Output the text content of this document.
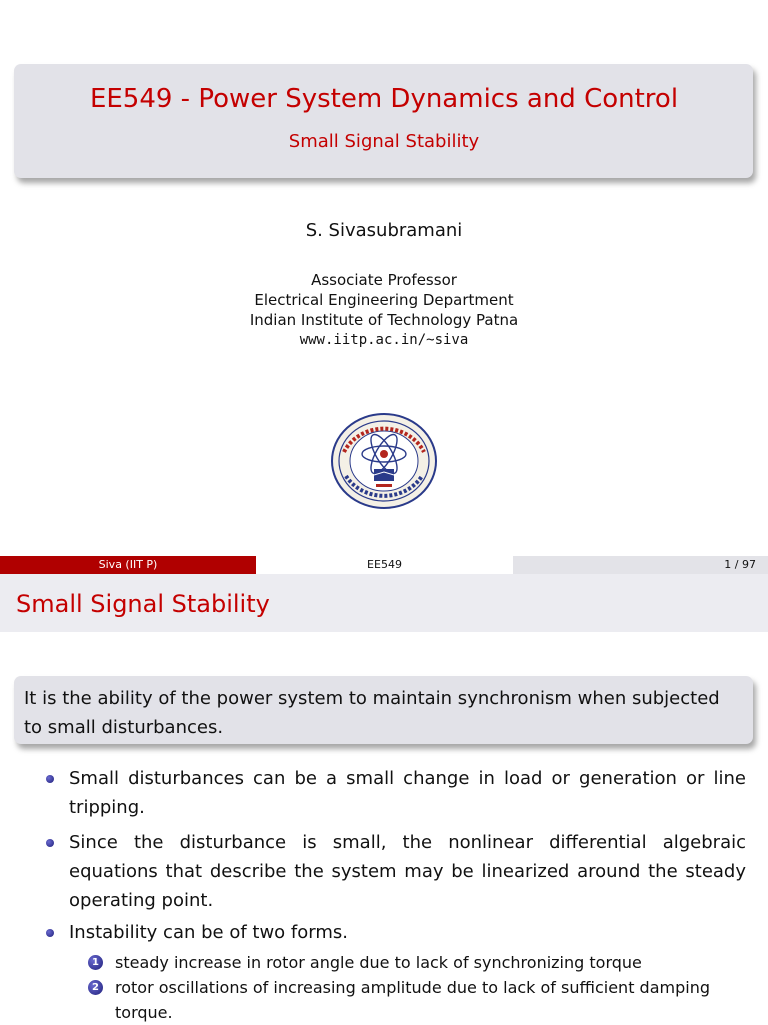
EE549 - Power System Dynamics and Control
Small Signal Stability
S. Sivasubramani
Associate Professor
Electrical Engineering Department
Indian Institute of Technology Patna
www.iitp.ac.in/~siva
Siva (IIT P)	EE549	1 / 97
Small Signal Stability

It is the ability of the power system to maintain synchronism when subjected to small disturbances.

Small disturbances can be a small change in load or generation or line tripping.
Since the disturbance is small, the nonlinear differential algebraic equations that describe the system may be linearized around the steady operating point.
Instability can be of two forms.
1 steady increase in rotor angle due to lack of synchronizing torque
2 rotor oscillations of increasing amplitude due to lack of sufficient damping torque.
